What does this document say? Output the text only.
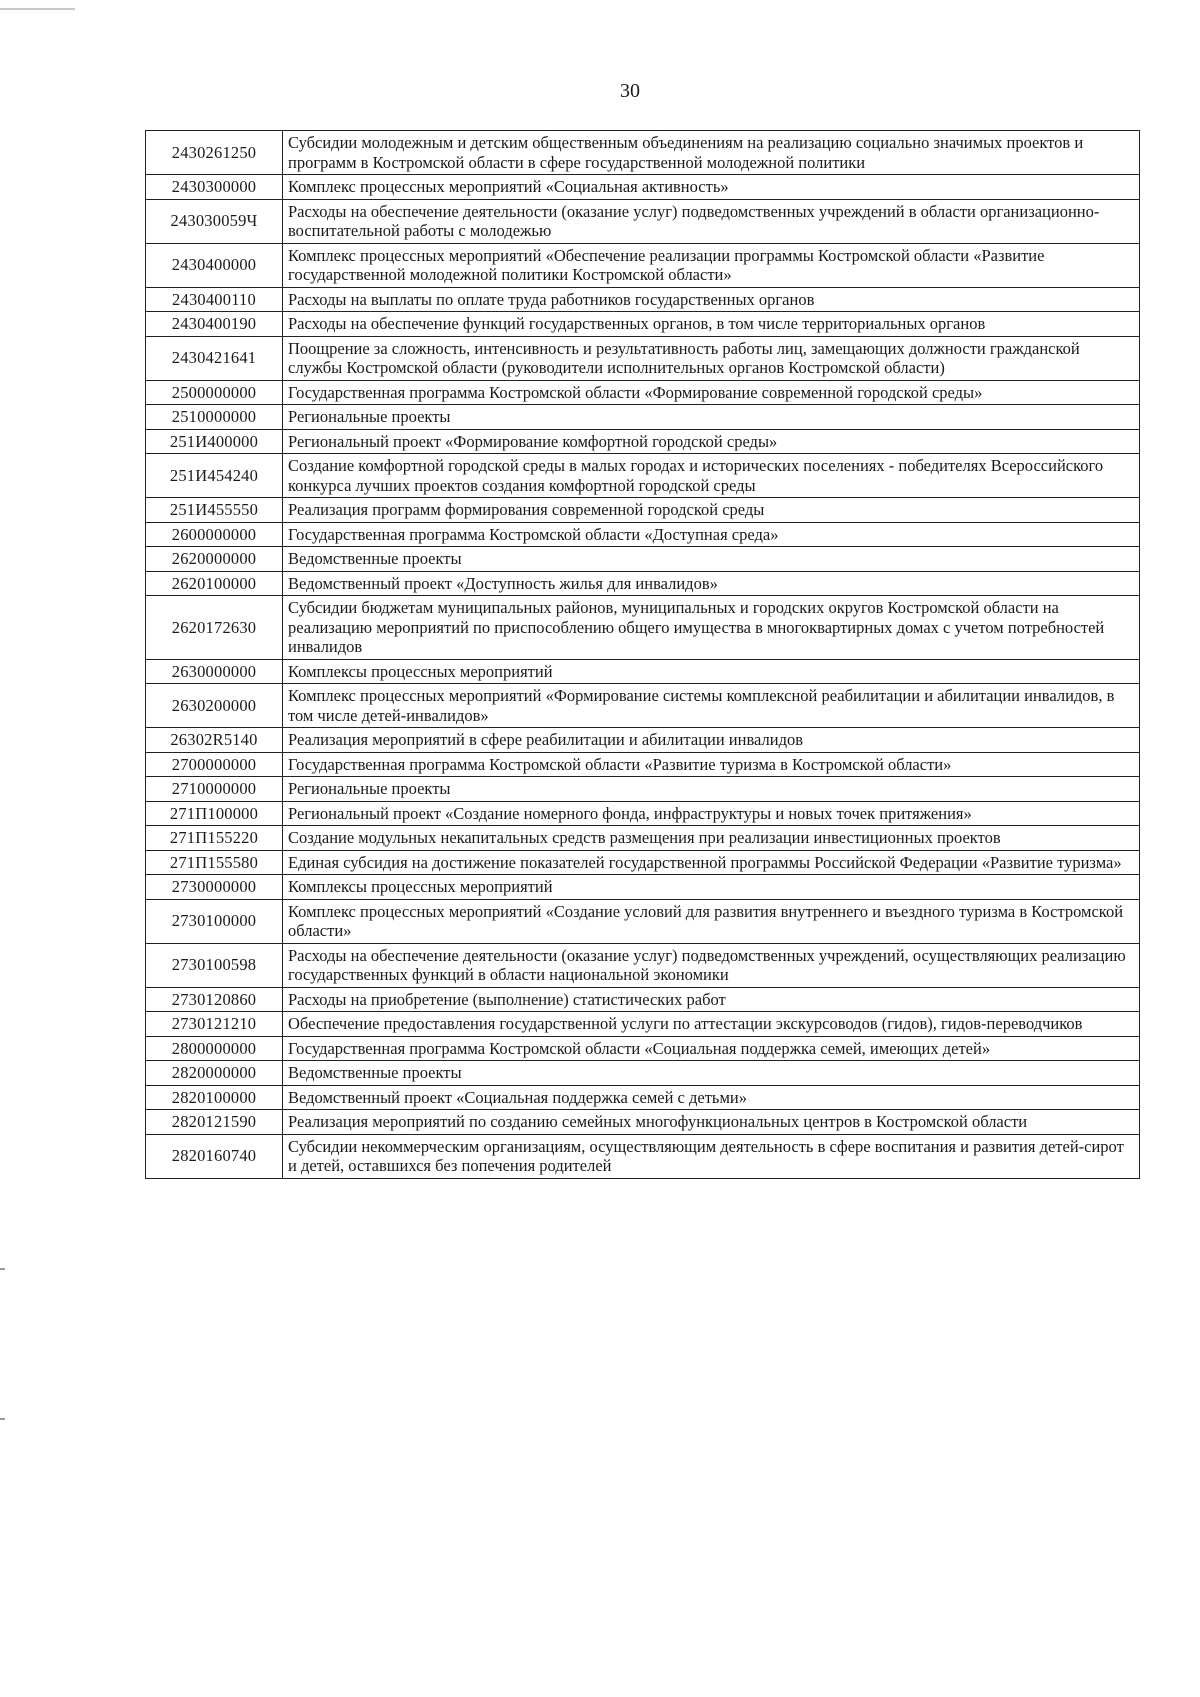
30
2430261250	Субсидии молодежным и детским общественным объединениям на реализацию социально значимых проектов и программ в Костромской области в сфере государственной молодежной политики
2430300000	Комплекс процессных мероприятий «Социальная активность»
243030059Ч	Расходы на обеспечение деятельности (оказание услуг) подведомственных учреждений в области организационно-воспитательной работы с молодежью
2430400000	Комплекс процессных мероприятий «Обеспечение реализации программы Костромской области «Развитие государственной молодежной политики Костромской области»
2430400110	Расходы на выплаты по оплате труда работников государственных органов
2430400190	Расходы на обеспечение функций государственных органов, в том числе территориальных органов
2430421641	Поощрение за сложность, интенсивность и результативность работы лиц, замещающих должности гражданской службы Костромской области (руководители исполнительных органов Костромской области)
2500000000	Государственная программа Костромской области «Формирование современной городской среды»
2510000000	Региональные проекты
251И400000	Региональный проект «Формирование комфортной городской среды»
251И454240	Создание комфортной городской среды в малых городах и исторических поселениях - победителях Всероссийского конкурса лучших проектов создания комфортной городской среды
251И455550	Реализация программ формирования современной городской среды
2600000000	Государственная программа Костромской области «Доступная среда»
2620000000	Ведомственные проекты
2620100000	Ведомственный проект «Доступность жилья для инвалидов»
2620172630	Субсидии бюджетам муниципальных районов, муниципальных и городских округов Костромской области на реализацию мероприятий по приспособлению общего имущества в многоквартирных домах с учетом потребностей инвалидов
2630000000	Комплексы процессных мероприятий
2630200000	Комплекс процессных мероприятий «Формирование системы комплексной реабилитации и абилитации инвалидов, в том числе детей-инвалидов»
26302R5140	Реализация мероприятий в сфере реабилитации и абилитации инвалидов
2700000000	Государственная программа Костромской области «Развитие туризма в Костромской области»
2710000000	Региональные проекты
271П100000	Региональный проект «Создание номерного фонда, инфраструктуры и новых точек притяжения»
271П155220	Создание модульных некапитальных средств размещения при реализации инвестиционных проектов
271П155580	Единая субсидия на достижение показателей государственной программы Российской Федерации «Развитие туризма»
2730000000	Комплексы процессных мероприятий
2730100000	Комплекс процессных мероприятий «Создание условий для развития внутреннего и въездного туризма в Костромской области»
2730100598	Расходы на обеспечение деятельности (оказание услуг) подведомственных учреждений, осуществляющих реализацию государственных функций в области национальной экономики
2730120860	Расходы на приобретение (выполнение) статистических работ
2730121210	Обеспечение предоставления государственной услуги по аттестации экскурсоводов (гидов), гидов-переводчиков
2800000000	Государственная программа Костромской области «Социальная поддержка семей, имеющих детей»
2820000000	Ведомственные проекты
2820100000	Ведомственный проект «Социальная поддержка семей с детьми»
2820121590	Реализация мероприятий по созданию семейных многофункциональных центров в Костромской области
2820160740	Субсидии некоммерческим организациям, осуществляющим деятельность в сфере воспитания и развития детей-сирот и детей, оставшихся без попечения родителей
